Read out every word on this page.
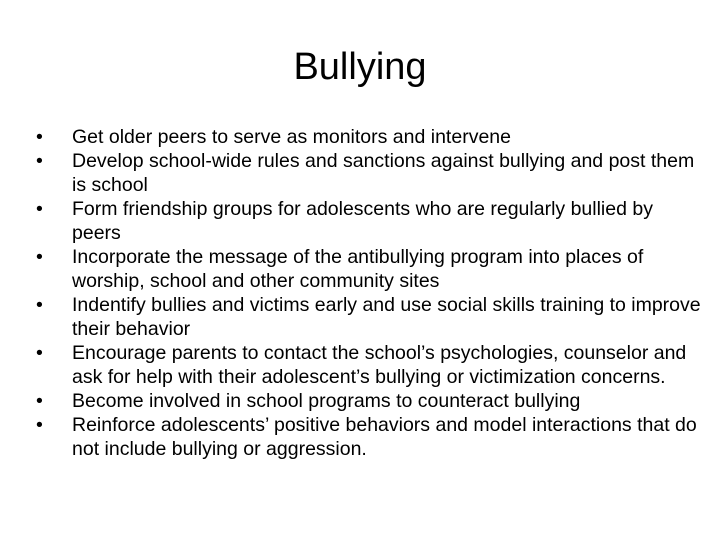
Bullying
•	Get older peers to serve as monitors and intervene
•	Develop school-wide rules and sanctions against bullying and post them is school
•	Form friendship groups for adolescents who are regularly bullied by peers
•	Incorporate the message of the antibullying program into places of worship, school and other community sites
•	Indentify bullies and victims early and use social skills training to improve their behavior
•	Encourage parents to contact the school’s psychologies, counselor and ask for help with their adolescent’s bullying or victimization concerns.
•	Become involved in school programs to counteract bullying
•	Reinforce adolescents’ positive behaviors and model interactions that do not include bullying or aggression.
